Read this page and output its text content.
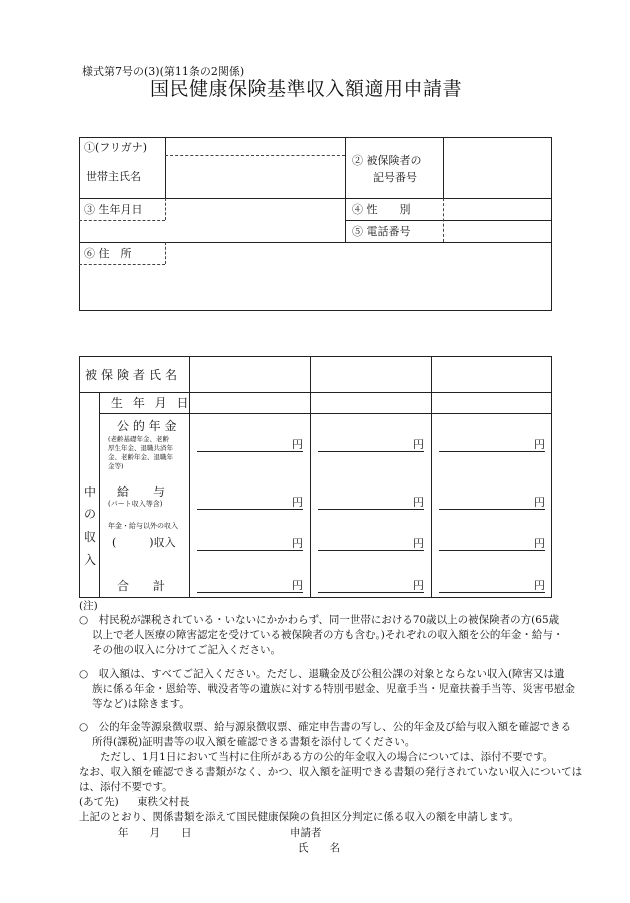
様式第7号の(3)(第11条の2関係)
国民健康保険基準収入額適用申請書
①(フリガナ)
世帯主氏名
② 被保険者の
記号番号
③ 生年月日	④ 性　　別
⑤ 電話番号
⑥ 住　所
被保険者氏名
生 年 月 日
中
の
収
入
公 的 年 金
(老齢基礎年金、老齢
厚生年金、退職共済年
金、老齢年金、退職年
金等)
給　　与
(パート収入等含)
年金・給与以外の収入
(　　　)収入
合　　計
円
円
円
円
円
円
円
円
円
円
円
円
(注)
○　村民税が課税されている・いないにかかわらず、同一世帯における70歳以上の被保険者の方(65歳
以上で老人医療の障害認定を受けている被保険者の方も含む。)それぞれの収入額を公的年金・給与・
その他の収入に分けてご記入ください。
○　収入額は、すべてご記入ください。ただし、退職金及び公租公課の対象とならない収入(障害又は遺
族に係る年金・恩給等、戦没者等の遺族に対する特別弔慰金、児童手当・児童扶養手当等、災害弔慰金
等など)は除きます。
○　公的年金等源泉徴収票、給与源泉徴収票、確定申告書の写し、公的年金及び給与収入額を確認できる
所得(課税)証明書等の収入額を確認できる書類を添付してください。
ただし、1月1日において当村に住所がある方の公的年金収入の場合については、添付不要です。
なお、収入額を確認できる書類がなく、かつ、収入額を証明できる書類の発行されていない収入については
は、添付不要です。
(あて先) 東秩父村長
上記のとおり、関係書類を添えて国民健康保険の負担区分判定に係る収入の額を申請します。
年　　月　　日	申請者
氏　　名
